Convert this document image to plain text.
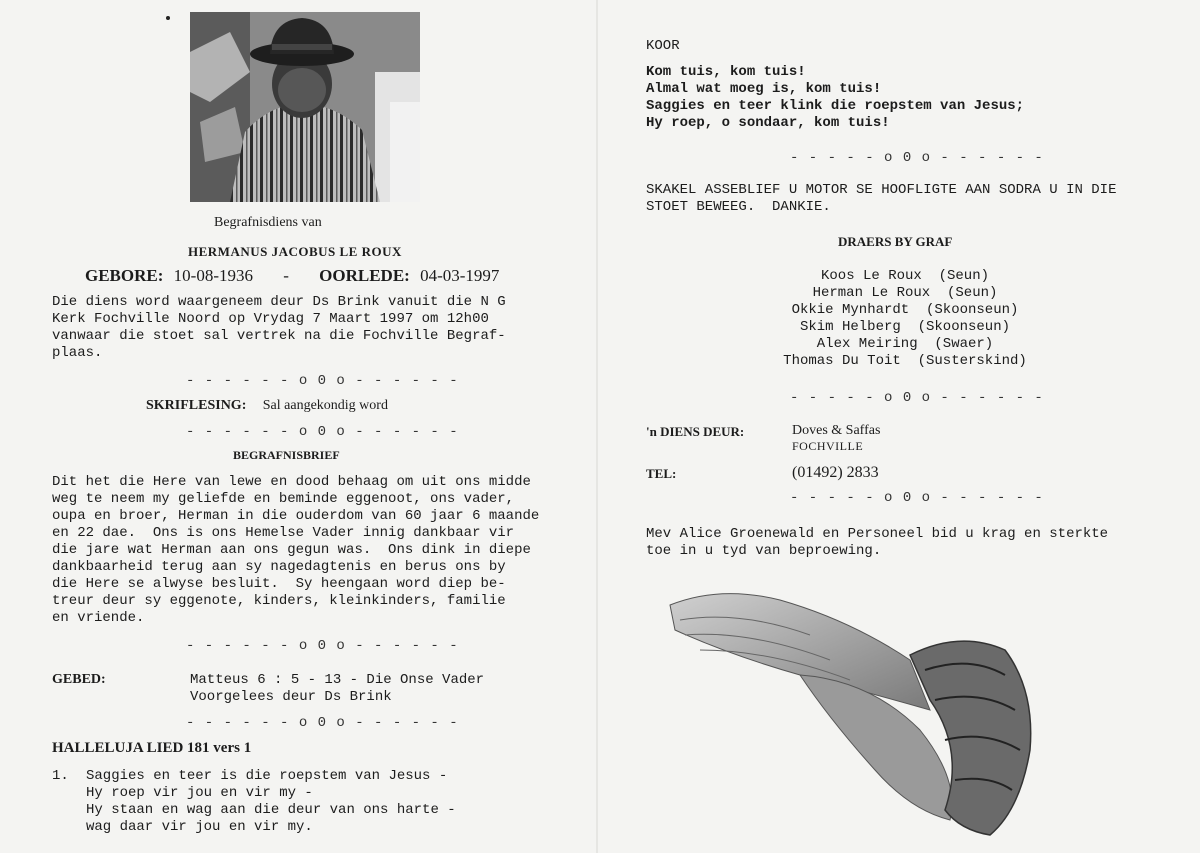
Begrafnisdiens van
HERMANUS JACOBUS LE ROUX
GEBORE: 10-08-1936 - OORLEDE: 04-03-1997
Die diens word waargeneem deur Ds Brink vanuit die N G
Kerk Fochville Noord op Vrydag 7 Maart 1997 om 12h00
vanwaar die stoet sal vertrek na die Fochville Begraf-
plaas.
- - - - - - o 0 o - - - - - -
SKRIFLESING: Sal aangekondig word
- - - - - - o 0 o - - - - - -
BEGRAFNISBRIEF
Dit het die Here van lewe en dood behaag om uit ons midde
weg te neem my geliefde en beminde eggenoot, ons vader,
oupa en broer, Herman in die ouderdom van 60 jaar 6 maande
en 22 dae.  Ons is ons Hemelse Vader innig dankbaar vir
die jare wat Herman aan ons gegun was.  Ons dink in diepe
dankbaarheid terug aan sy nagedagtenis en berus ons by
die Here se alwyse besluit.  Sy heengaan word diep be-
treur deur sy eggenote, kinders, kleinkinders, familie
en vriende.
- - - - - - o 0 o - - - - - -
GEBED:	Matteus 6 : 5 - 13 - Die Onse Vader
Voorgelees deur Ds Brink
- - - - - - o 0 o - - - - - -
HALLELUJA LIED 181 vers 1
1. Saggies en teer is die roepstem van Jesus -
Hy roep vir jou en vir my -
Hy staan en wag aan die deur van ons harte -
wag daar vir jou en vir my.
KOOR
Kom tuis, kom tuis!
Almal wat moeg is, kom tuis!
Saggies en teer klink die roepstem van Jesus;
Hy roep, o sondaar, kom tuis!
- - - - - o 0 o - - - - - -
SKAKEL ASSEBLIEF U MOTOR SE HOOFLIGTE AAN SODRA U IN DIE
STOET BEWEEG.  DANKIE.
DRAERS BY GRAF
Koos Le Roux  (Seun)
Herman Le Roux  (Seun)
Okkie Mynhardt  (Skoonseun)
Skim Helberg  (Skoonseun)
Alex Meiring  (Swaer)
Thomas Du Toit  (Susterskind)
- - - - - o 0 o - - - - - -
'n DIENS DEUR:	Doves & Saffas
FOCHVILLE
TEL:	(01492) 2833
- - - - - o 0 o - - - - - -
Mev Alice Groenewald en Personeel bid u krag en sterkte
toe in u tyd van beproewing.
